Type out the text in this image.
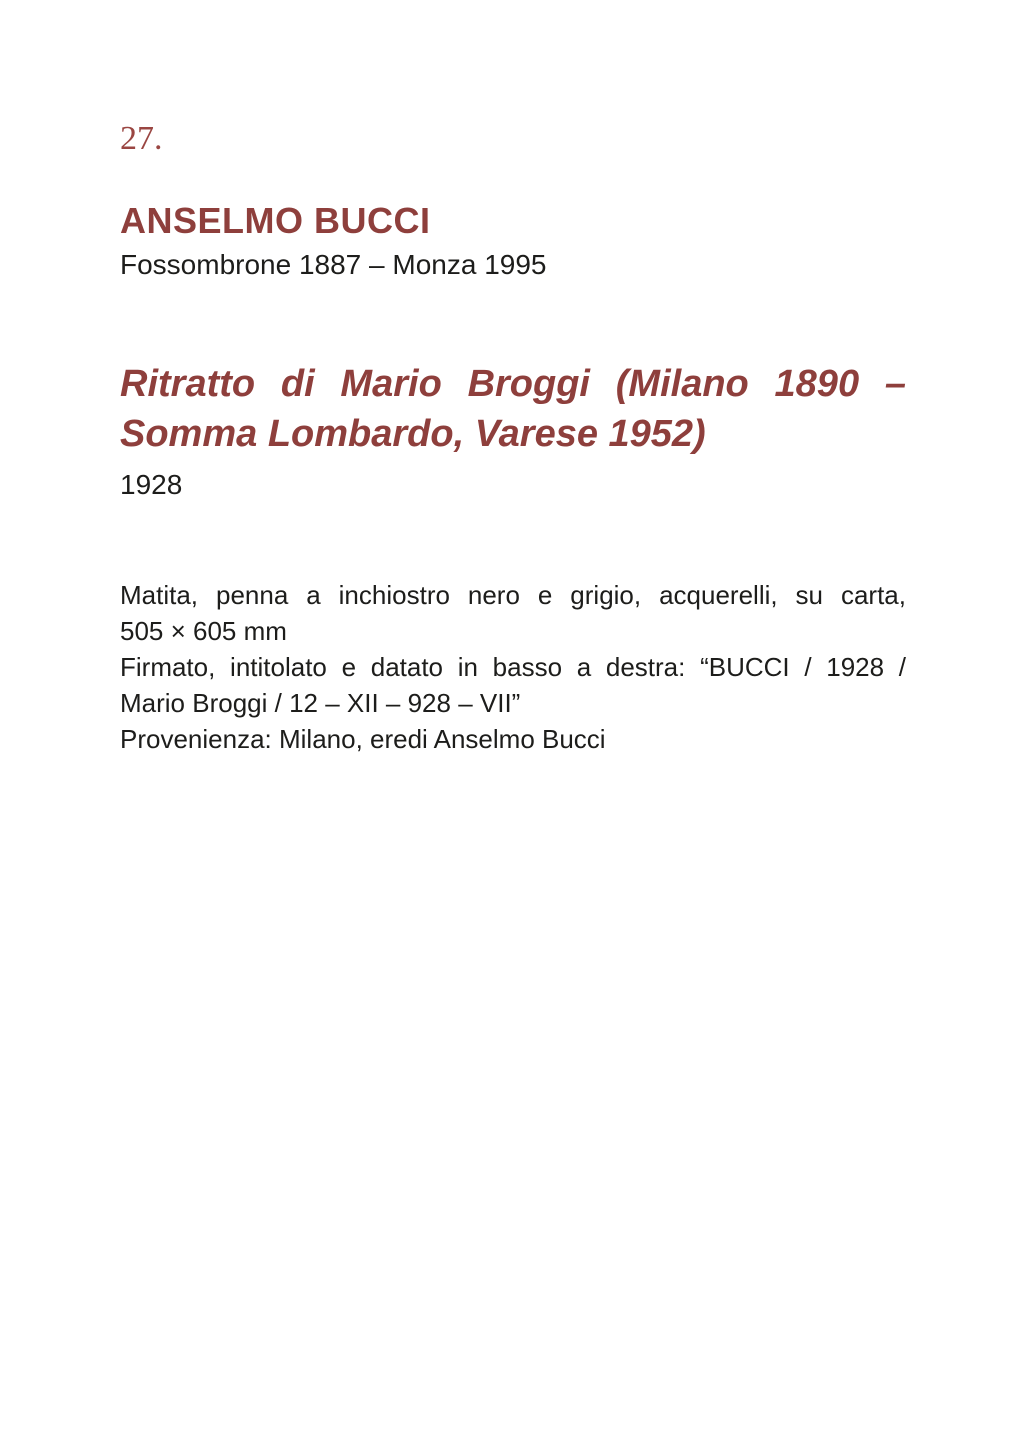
27.
ANSELMO BUCCI
Fossombrone 1887 – Monza 1995
Ritratto di Mario Broggi (Milano 1890 –
Somma Lombardo, Varese 1952)
1928
Matita, penna a inchiostro nero e grigio, acquerelli, su carta,
505 × 605 mm
Firmato, intitolato e datato in basso a destra: “BUCCI / 1928 /
Mario Broggi / 12 – XII – 928 – VII”
Provenienza: Milano, eredi Anselmo Bucci
